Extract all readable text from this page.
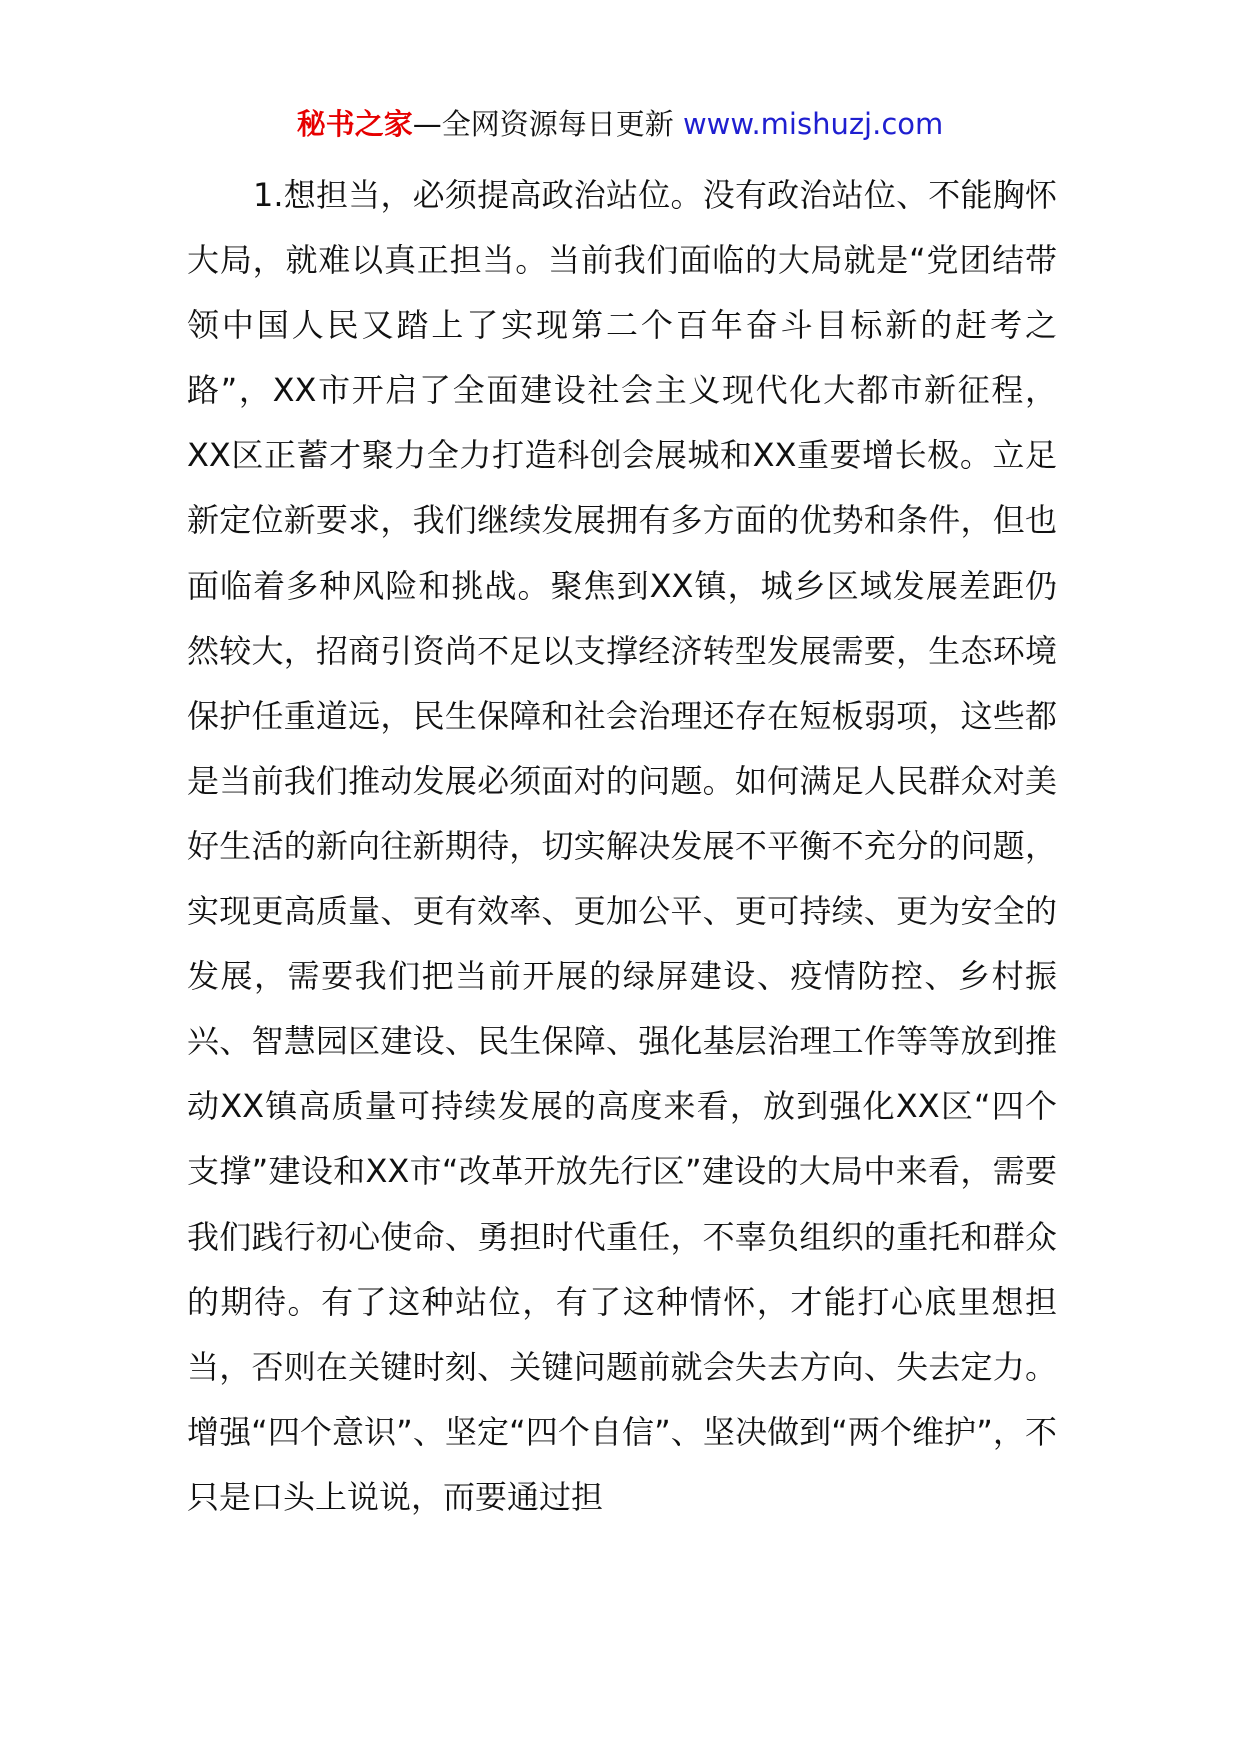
秘书之家—全网资源每日更新 www.mishuzj.com

1.想担当，必须提高政治站位。没有政治站位、不能胸怀大局，就难以真正担当。当前我们面临的大局就是“党团结带领中国人民又踏上了实现第二个百年奋斗目标新的赶考之路”，XX市开启了全面建设社会主义现代化大都市新征程，XX区正蓄才聚力全力打造科创会展城和XX重要增长极。立足新定位新要求，我们继续发展拥有多方面的优势和条件，但也面临着多种风险和挑战。聚焦到XX镇，城乡区域发展差距仍然较大，招商引资尚不足以支撑经济转型发展需要，生态环境保护任重道远，民生保障和社会治理还存在短板弱项，这些都是当前我们推动发展必须面对的问题。如何满足人民群众对美好生活的新向往新期待，切实解决发展不平衡不充分的问题，实现更高质量、更有效率、更加公平、更可持续、更为安全的发展，需要我们把当前开展的绿屏建设、疫情防控、乡村振兴、智慧园区建设、民生保障、强化基层治理工作等等放到推动XX镇高质量可持续发展的高度来看，放到强化XX区“四个支撑”建设和XX市“改革开放先行区”建设的大局中来看，需要我们践行初心使命、勇担时代重任，不辜负组织的重托和群众的期待。有了这种站位，有了这种情怀，才能打心底里想担当，否则在关键时刻、关键问题前就会失去方向、失去定力。增强“四个意识”、坚定“四个自信”、坚决做到“两个维护”，不只是口头上说说，而要通过担
